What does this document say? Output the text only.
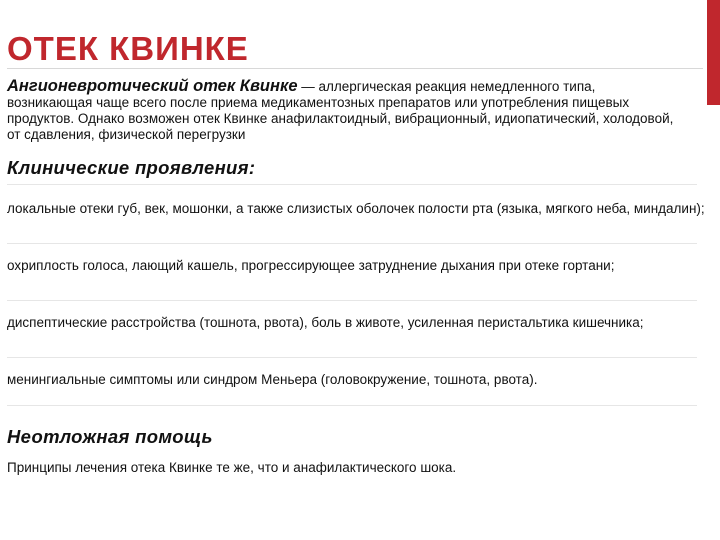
ОТЕК КВИНКЕ
Ангионевротический отек Квинке — аллергическая реакция немедленного типа, возникающая чаще всего после приема медикаментозных препаратов или употребления пищевых продуктов. Однако возможен отек Квинке анафилактоидный, вибрационный, идиопатический, холодовой, от сдавления, физической перегрузки
Клинические проявления:
локальные отеки губ, век, мошонки, а также слизистых оболочек полости рта (языка, мягкого неба, миндалин);
охриплость голоса, лающий кашель, прогрессирующее затруднение дыхания при отеке гортани;
диспептические расстройства (тошнота, рвота), боль в животе, усиленная перистальтика кишечника;
менингиальные симптомы или синдром Меньера (головокружение, тошнота, рвота).
Неотложная помощь
Принципы лечения отека Квинке те же, что и анафилактического шока.
